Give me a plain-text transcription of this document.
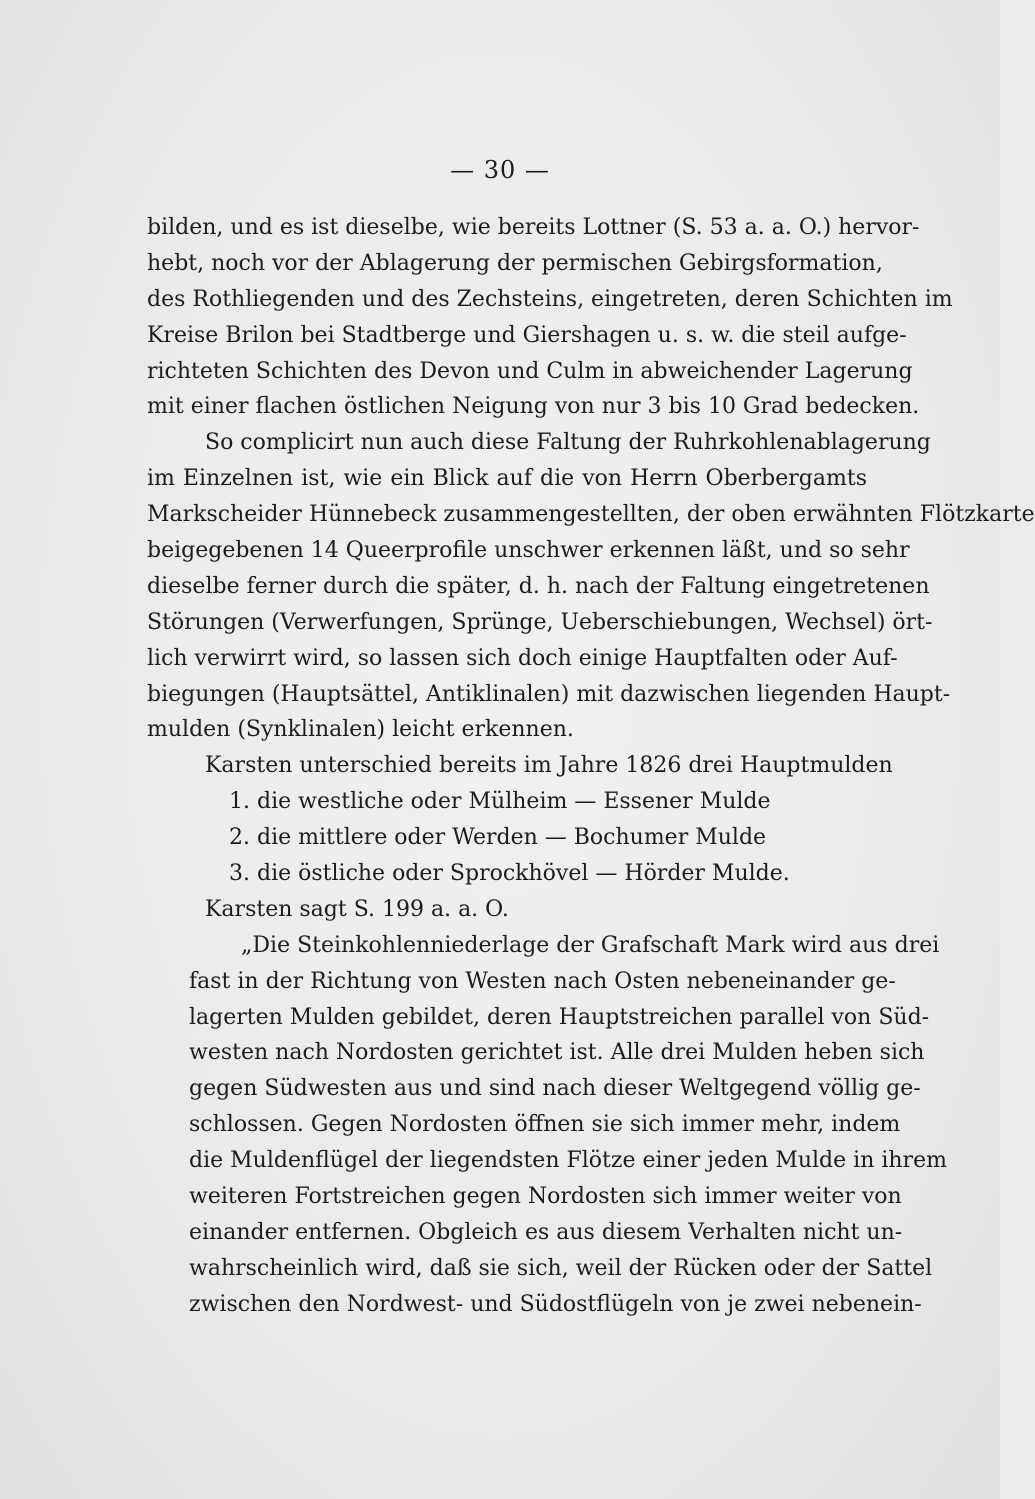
— 30 —
bilden, und es ist dieselbe, wie bereits Lottner (S. 53 a. a. O.) hervor-
hebt, noch vor der Ablagerung der permischen Gebirgsformation,
des Rothliegenden und des Zechsteins, eingetreten, deren Schichten im
Kreise Brilon bei Stadtberge und Giershagen u. s. w. die steil aufge-
richteten Schichten des Devon und Culm in abweichender Lagerung
mit einer flachen östlichen Neigung von nur 3 bis 10 Grad bedecken.
So complicirt nun auch diese Faltung der Ruhrkohlenablagerung
im Einzelnen ist, wie ein Blick auf die von Herrn Oberbergamts
Markscheider Hünnebeck zusammengestellten, der oben erwähnten Flötzkarte
beigegebenen 14 Queerprofile unschwer erkennen läßt, und so sehr
dieselbe ferner durch die später, d. h. nach der Faltung eingetretenen
Störungen (Verwerfungen, Sprünge, Ueberschiebungen, Wechsel) ört-
lich verwirrt wird, so lassen sich doch einige Hauptfalten oder Auf-
biegungen (Hauptsättel, Antiklinalen) mit dazwischen liegenden Haupt-
mulden (Synklinalen) leicht erkennen.
Karsten unterschied bereits im Jahre 1826 drei Hauptmulden
1. die westliche oder Mülheim — Essener Mulde
2. die mittlere oder Werden — Bochumer Mulde
3. die östliche oder Sprockhövel — Hörder Mulde.
Karsten sagt S. 199 a. a. O.
„Die Steinkohlenniederlage der Grafschaft Mark wird aus drei
fast in der Richtung von Westen nach Osten nebeneinander ge-
lagerten Mulden gebildet, deren Hauptstreichen parallel von Süd-
westen nach Nordosten gerichtet ist. Alle drei Mulden heben sich
gegen Südwesten aus und sind nach dieser Weltgegend völlig ge-
schlossen. Gegen Nordosten öffnen sie sich immer mehr, indem
die Muldenflügel der liegendsten Flötze einer jeden Mulde in ihrem
weiteren Fortstreichen gegen Nordosten sich immer weiter von
einander entfernen. Obgleich es aus diesem Verhalten nicht un-
wahrscheinlich wird, daß sie sich, weil der Rücken oder der Sattel
zwischen den Nordwest- und Südostflügeln von je zwei nebenein-
